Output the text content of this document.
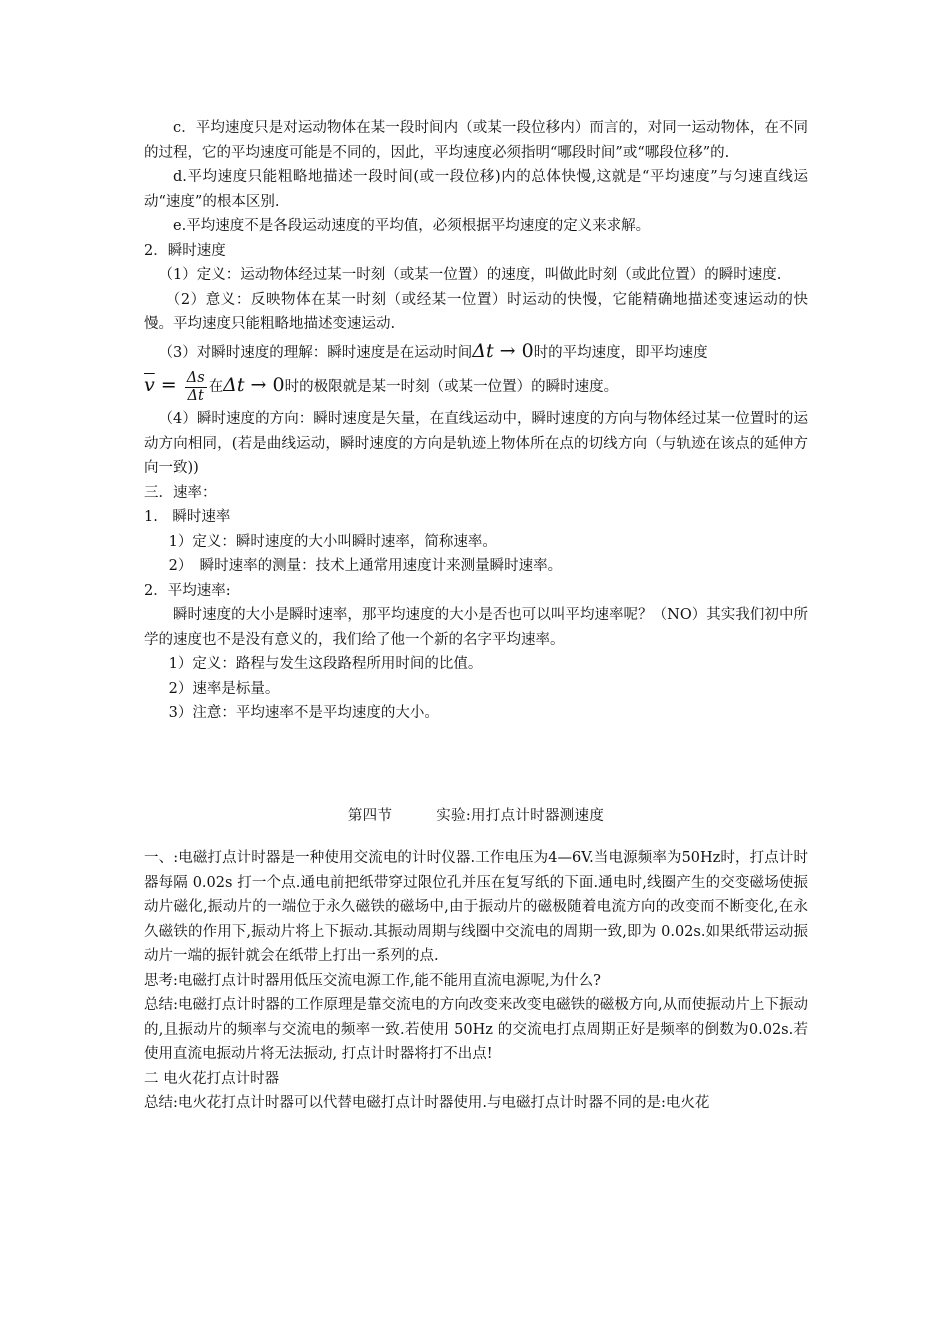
c．平均速度只是对运动物体在某一段时间内（或某一段位移内）而言的，对同一运动物体，在不同的过程，它的平均速度可能是不同的，因此，平均速度必须指明“哪段时间”或“哪段位移”的.

d.平均速度只能粗略地描述一段时间(或一段位移)内的总体快慢,这就是“平均速度”与匀速直线运动“速度”的根本区别.

e.平均速度不是各段运动速度的平均值，必须根据平均速度的定义来求解。

2．瞬时速度

（1）定义：运动物体经过某一时刻（或某一位置）的速度，叫做此时刻（或此位置）的瞬时速度.

（2）意义：反映物体在某一时刻（或经某一位置）时运动的快慢，它能精确地描述变速运动的快慢。平均速度只能粗略地描述变速运动.

（3）对瞬时速度的理解：瞬时速度是在运动时间Δt → 0时的平均速度，即平均速度

$\overline{v} = \frac{\Delta s}{\Delta t}$ 在Δt → 0时的极限就是某一时刻（或某一位置）的瞬时速度。

（4）瞬时速度的方向：瞬时速度是矢量，在直线运动中，瞬时速度的方向与物体经过某一位置时的运动方向相同，(若是曲线运动，瞬时速度的方向是轨迹上物体所在点的切线方向（与轨迹在该点的延伸方向一致))

三．速率：

1.　瞬时速率

1）定义：瞬时速度的大小叫瞬时速率，简称速率。

2）　瞬时速率的测量：技术上通常用速度计来测量瞬时速率。

2．平均速率:

瞬时速度的大小是瞬时速率，那平均速度的大小是否也可以叫平均速率呢？（NO）其实我们初中所学的速度也不是没有意义的，我们给了他一个新的名字平均速率。

1）定义：路程与发生这段路程所用时间的比值。

2）速率是标量。

3）注意：平均速率不是平均速度的大小。

第四节	实验:用打点计时器测速度

一、:电磁打点计时器是一种使用交流电的计时仪器.工作电压为4—6V.当电源频率为50Hz时，打点计时器每隔 0.02s 打一个点.通电前把纸带穿过限位孔并压在复写纸的下面.通电时,线圈产生的交变磁场使振动片磁化,振动片的一端位于永久磁铁的磁场中,由于振动片的磁极随着电流方向的改变而不断变化,在永久磁铁的作用下,振动片将上下振动.其振动周期与线圈中交流电的周期一致,即为 0.02s.如果纸带运动振动片一端的振针就会在纸带上打出一系列的点.

思考:电磁打点计时器用低压交流电源工作,能不能用直流电源呢,为什么?

总结:电磁打点计时器的工作原理是靠交流电的方向改变来改变电磁铁的磁极方向,从而使振动片上下振动的,且振动片的频率与交流电的频率一致.若使用 50Hz 的交流电打点周期正好是频率的倒数为0.02s.若使用直流电振动片将无法振动, 打点计时器将打不出点!

二 电火花打点计时器

总结:电火花打点计时器可以代替电磁打点计时器使用.与电磁打点计时器不同的是:电火花
